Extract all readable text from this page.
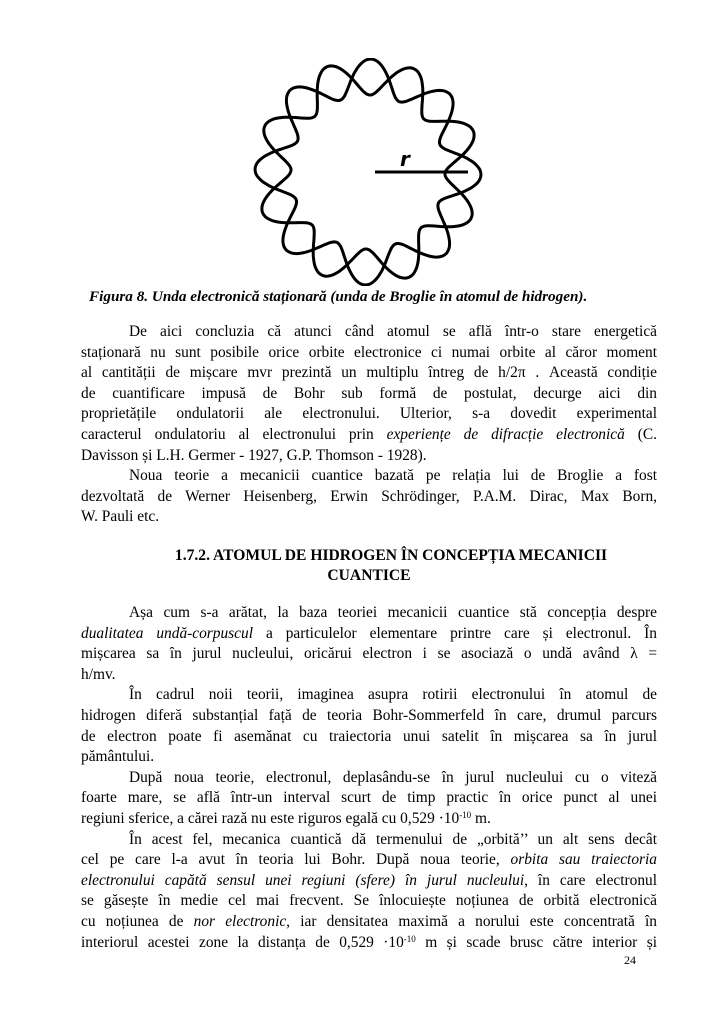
r
Figura 8. Unda electronică staționară (unda de Broglie în atomul de hidrogen).
De aici concluzia că atunci când atomul se află într-o stare energetică
staționară nu sunt posibile orice orbite electronice ci numai orbite al căror moment
al cantității de mișcare mvr prezintă un multiplu întreg de h/2π . Această condiție
de cuantificare impusă de Bohr sub formă de postulat, decurge aici din
proprietățile ondulatorii ale electronului. Ulterior, s-a dovedit experimental
caracterul ondulatoriu al electronului prin experiențe de difracție electronică (C.
Davisson și L.H. Germer - 1927, G.P. Thomson - 1928).
Noua teorie a mecanicii cuantice bazată pe relația lui de Broglie a fost
dezvoltată de Werner Heisenberg, Erwin Schrödinger, P.A.M. Dirac, Max Born,
W. Pauli etc.
1.7.2. ATOMUL DE HIDROGEN ÎN CONCEPȚIA MECANICII
CUANTICE
Așa cum s-a arătat, la baza teoriei mecanicii cuantice stă concepția despre
dualitatea undă-corpuscul a particulelor elementare printre care și electronul. În
mișcarea sa în jurul nucleului, oricărui electron i se asociază o undă având λ =
h/mv.
În cadrul noii teorii, imaginea asupra rotirii electronului în atomul de
hidrogen diferă substanțial față de teoria Bohr-Sommerfeld în care, drumul parcurs
de electron poate fi asemănat cu traiectoria unui satelit în mișcarea sa în jurul
pământului.
După noua teorie, electronul, deplasându-se în jurul nucleului cu o viteză
foarte mare, se află într-un interval scurt de timp practic în orice punct al unei
regiuni sferice, a cărei rază nu este riguros egală cu $0,529 \cdot 10^{-10}$ m.
În acest fel, mecanica cuantică dă termenului de „orbită’’ un alt sens decât
cel pe care l-a avut în teoria lui Bohr. După noua teorie, orbita sau traiectoria
electronului capătă sensul unei regiuni (sfere) în jurul nucleului, în care electronul
se găsește în medie cel mai frecvent. Se înlocuiește noțiunea de orbită electronică
cu noțiunea de nor electronic, iar densitatea maximă a norului este concentrată în
interiorul acestei zone la distanța de $0,529 \cdot 10^{-10}$ m și scade brusc către interior și
24
